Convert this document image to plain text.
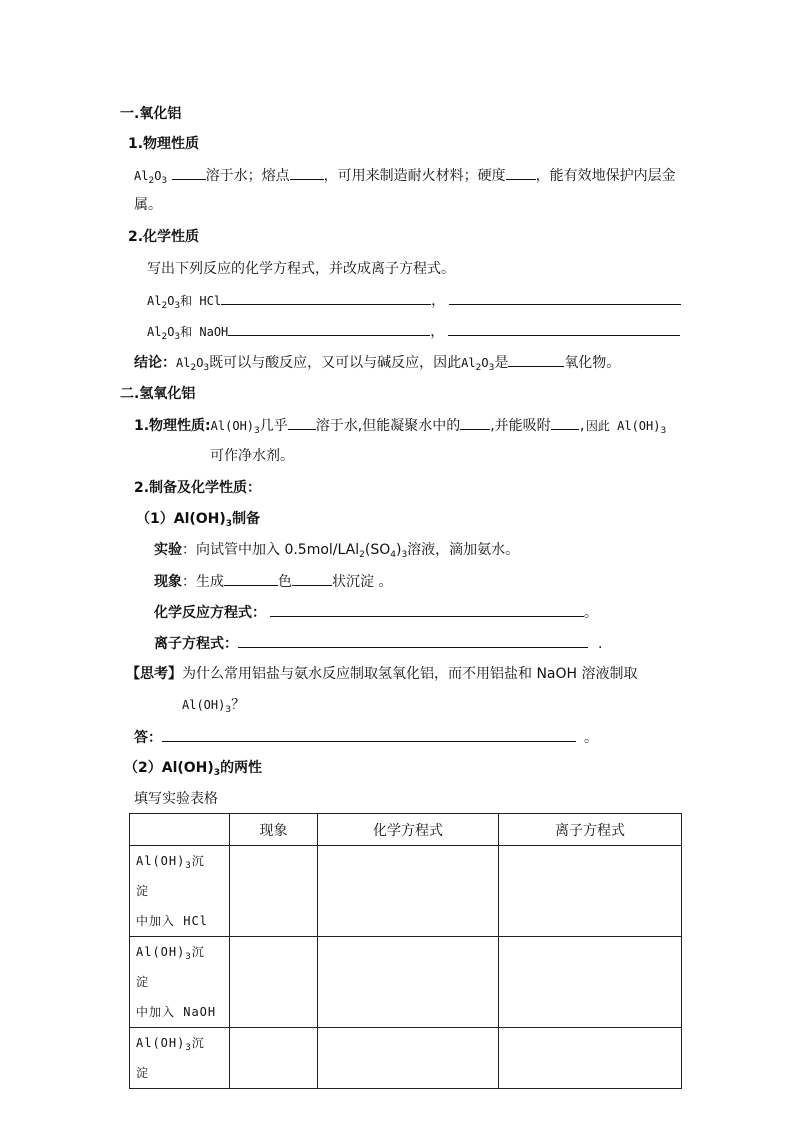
一.氧化铝
1.物理性质
$Al_2O_3$	溶于水；熔点 ，可用来制造耐火材料；硬度 ，能有效地保护内层金
属。
2.化学性质
写出下列反应的化学方程式，并改成离子方程式。
$Al_2O_3$和 HCl	，
$Al_2O_3$和 NaOH	，
结论：$Al_2O_3$既可以与酸反应，又可以与碱反应，因此$Al_2O_3$是	氧化物。
二.氢氧化铝
1.物理性质$:Al(OH)_3$几乎 溶于水,但能凝聚水中的 ,并能吸附 ,因此 $Al(OH)_3$
可作净水剂。
2.制备及化学性质：
$(1)Al(OH)_3$制备
实验：向试管中加入 $0.5mol/LAl_2(SO_4)_3$溶液，滴加氨水。
现象：生成	色	状沉淀 。
化学反应方程式：	。
离子方程式：	.
【思考】为什么常用铝盐与氨水反应制取氢氧化铝，而不用铝盐和 NaOH 溶液制取
$Al(OH)_3$？
答：	。
$(2)Al(OH)_3$的两性
填写实验表格
	现象	化学方程式	离子方程式

$Al(OH)_3$沉 淀
中加入 HCl			

$Al(OH)_3$沉 淀
中加入 NaOH			

$Al(OH)_3$沉 淀			
